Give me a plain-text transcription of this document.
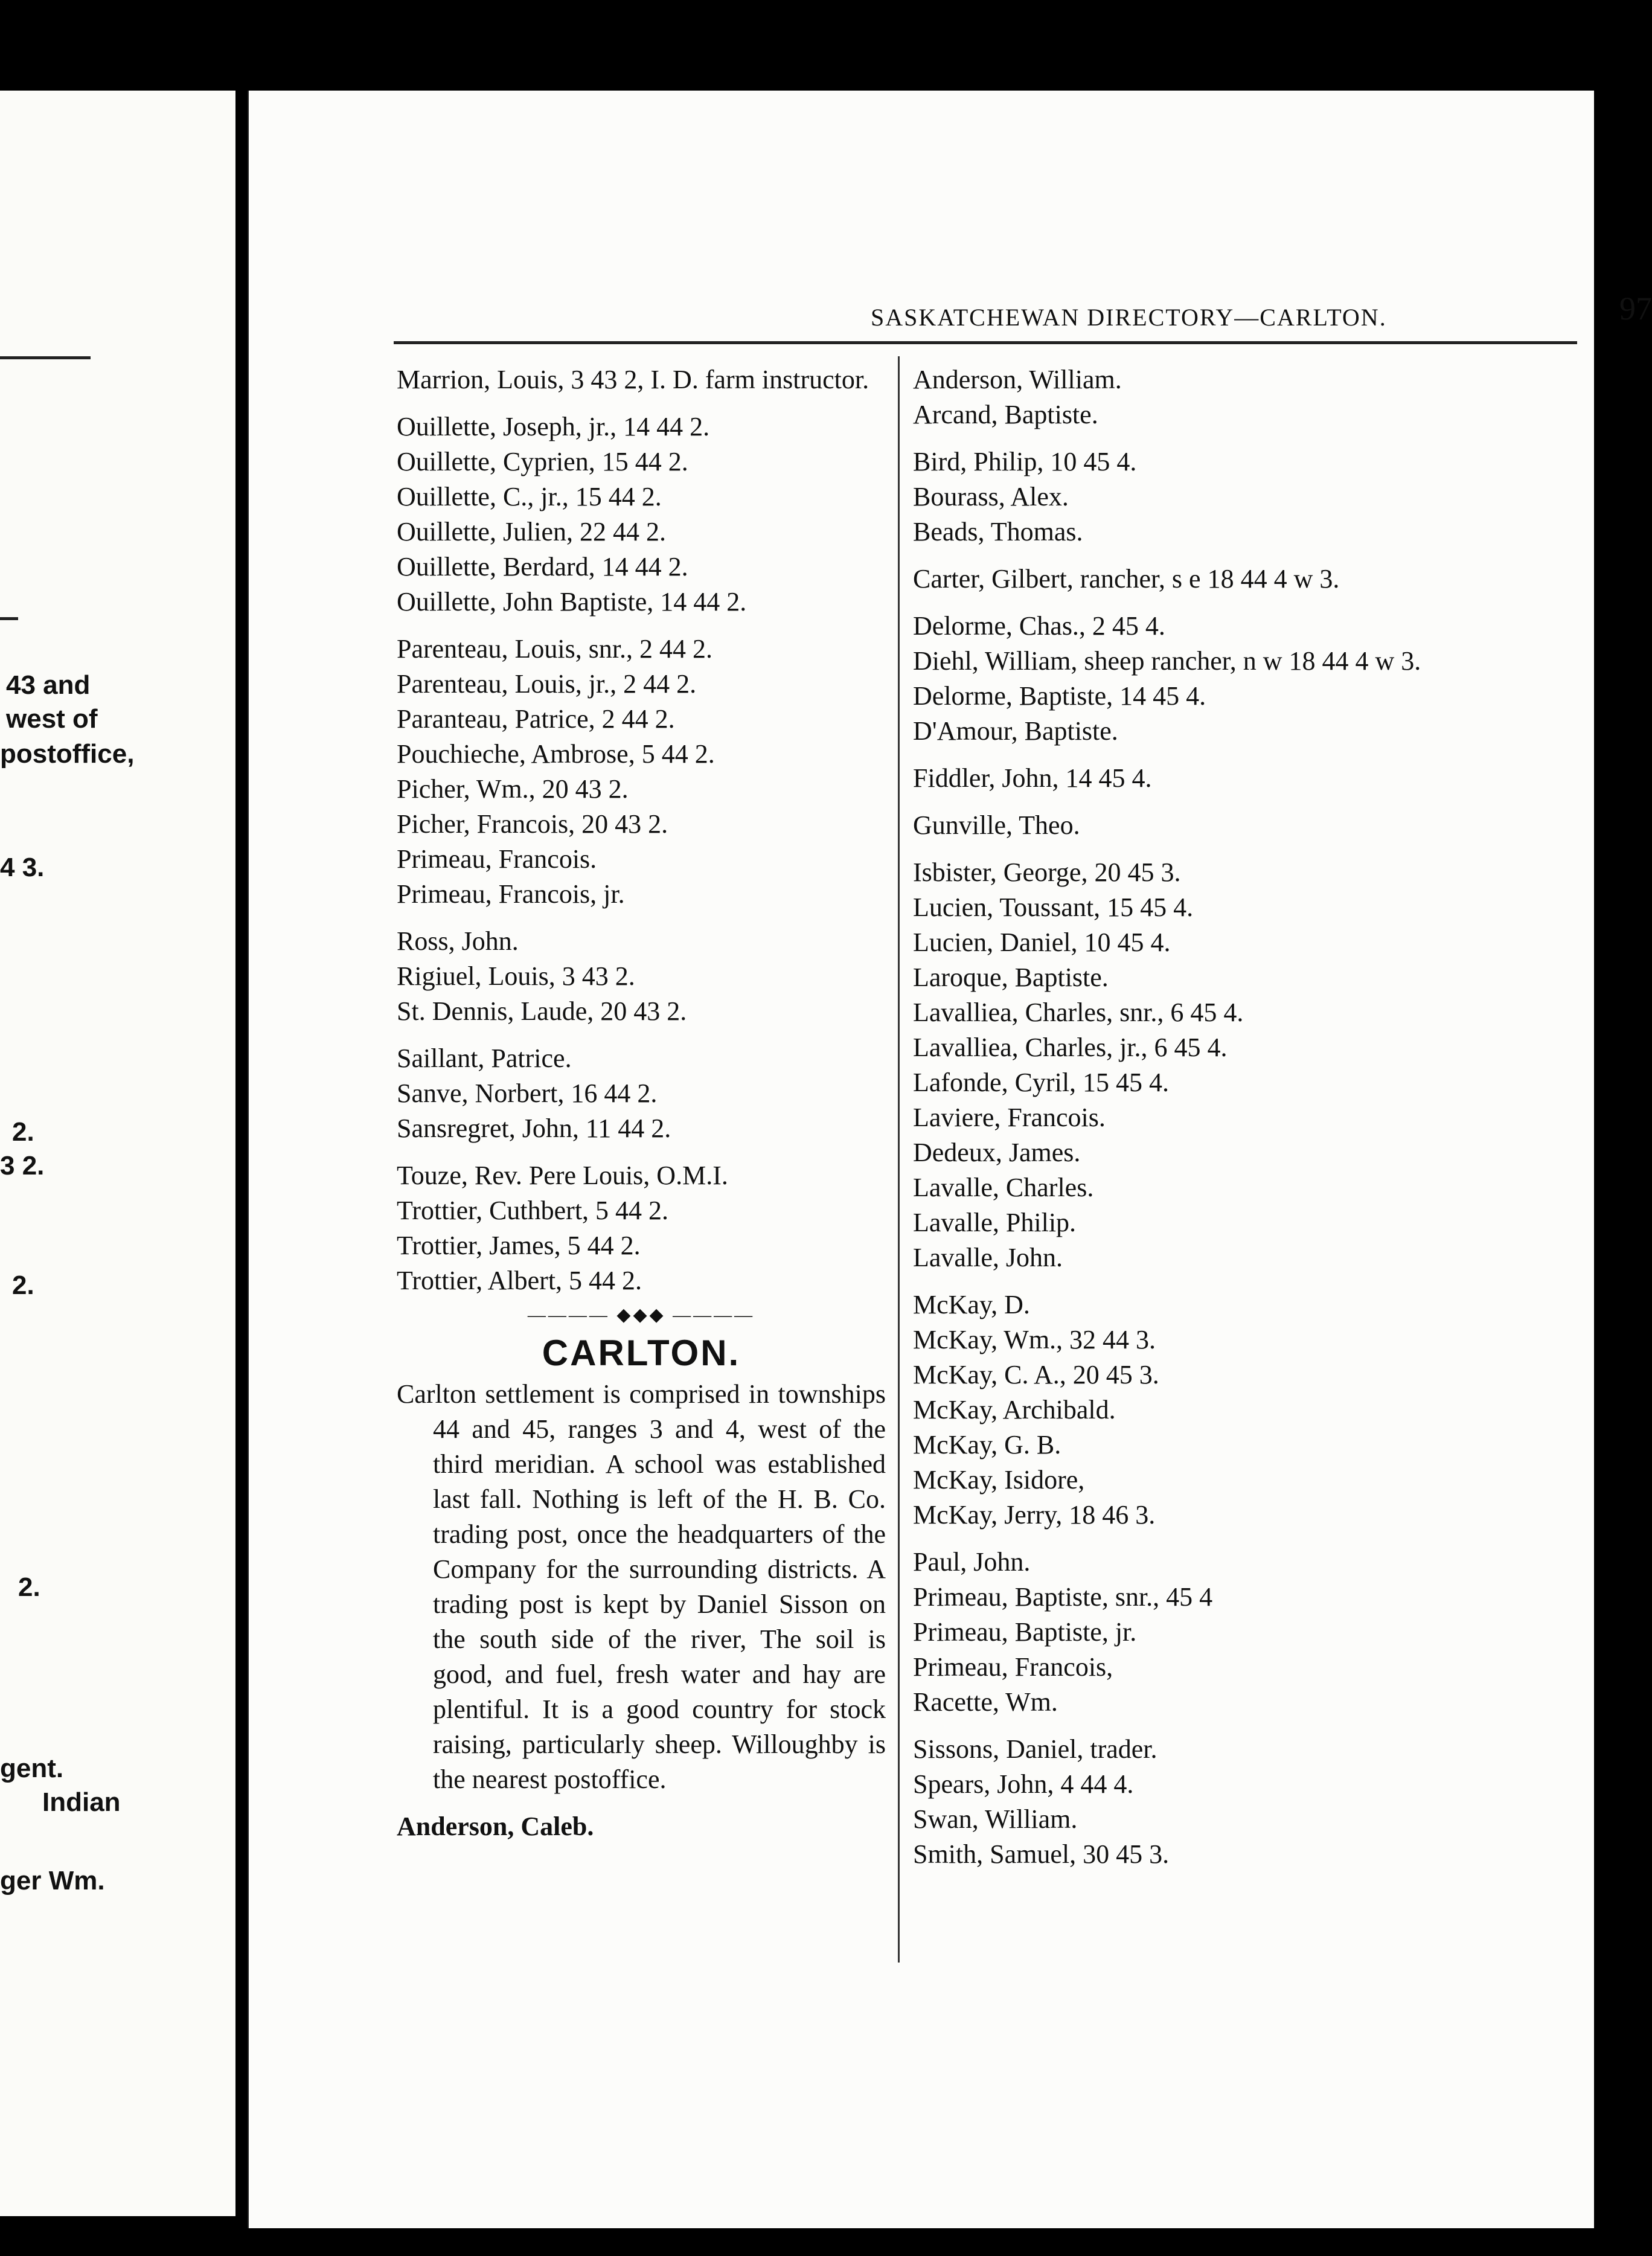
43 and
west of
postoffice,
4 3.
2.
3 2.
2.
2.
gent.
Indian
ger Wm.
SASKATCHEWAN DIRECTORY—CARLTON.	97
Marrion, Louis, 3 43 2, I. D. farm instructor.
Ouillette, Joseph, jr., 14 44 2.
Ouillette, Cyprien, 15 44 2.
Ouillette, C., jr., 15 44 2.
Ouillette, Julien, 22 44 2.
Ouillette, Berdard, 14 44 2.
Ouillette, John Baptiste, 14 44 2.
Parenteau, Louis, snr., 2 44 2.
Parenteau, Louis, jr., 2 44 2.
Paranteau, Patrice, 2 44 2.
Pouchieche, Ambrose, 5 44 2.
Picher, Wm., 20 43 2.
Picher, Francois, 20 43 2.
Primeau, Francois.
Primeau, Francois, jr.
Ross, John.
Rigiuel, Louis, 3 43 2.
St. Dennis, Laude, 20 43 2.
Saillant, Patrice.
Sanve, Norbert, 16 44 2.
Sansregret, John, 11 44 2.
Touze, Rev. Pere Louis, O.M.I.
Trottier, Cuthbert, 5 44 2.
Trottier, James, 5 44 2.
Trottier, Albert, 5 44 2.
———— ◆◆◆ ————
CARLTON.
Carlton settlement is comprised in townships 44 and 45, ranges 3 and 4, west of the third meridian. A school was established last fall. Nothing is left of the H. B. Co. trading post, once the headquarters of the Company for the surrounding districts. A trading post is kept by Daniel Sisson on the south side of the river, The soil is good, and fuel, fresh water and hay are plentiful. It is a good country for stock raising, particularly sheep. Willoughby is the nearest postoffice.
Anderson, Caleb.
Anderson, William.
Arcand, Baptiste.
Bird, Philip, 10 45 4.
Bourass, Alex.
Beads, Thomas.
Carter, Gilbert, rancher, s e 18 44 4 w 3.
Delorme, Chas., 2 45 4.
Diehl, William, sheep rancher, n w 18 44 4 w 3.
Delorme, Baptiste, 14 45 4.
D'Amour, Baptiste.
Fiddler, John, 14 45 4.
Gunville, Theo.
Isbister, George, 20 45 3.
Lucien, Toussant, 15 45 4.
Lucien, Daniel, 10 45 4.
Laroque, Baptiste.
Lavalliea, Charles, snr., 6 45 4.
Lavalliea, Charles, jr., 6 45 4.
Lafonde, Cyril, 15 45 4.
Laviere, Francois.
Dedeux, James.
Lavalle, Charles.
Lavalle, Philip.
Lavalle, John.
McKay, D.
McKay, Wm., 32 44 3.
McKay, C. A., 20 45 3.
McKay, Archibald.
McKay, G. B.
McKay, Isidore,
McKay, Jerry, 18 46 3.
Paul, John.
Primeau, Baptiste, snr., 45 4
Primeau, Baptiste, jr.
Primeau, Francois,
Racette, Wm.
Sissons, Daniel, trader.
Spears, John, 4 44 4.
Swan, William.
Smith, Samuel, 30 45 3.
